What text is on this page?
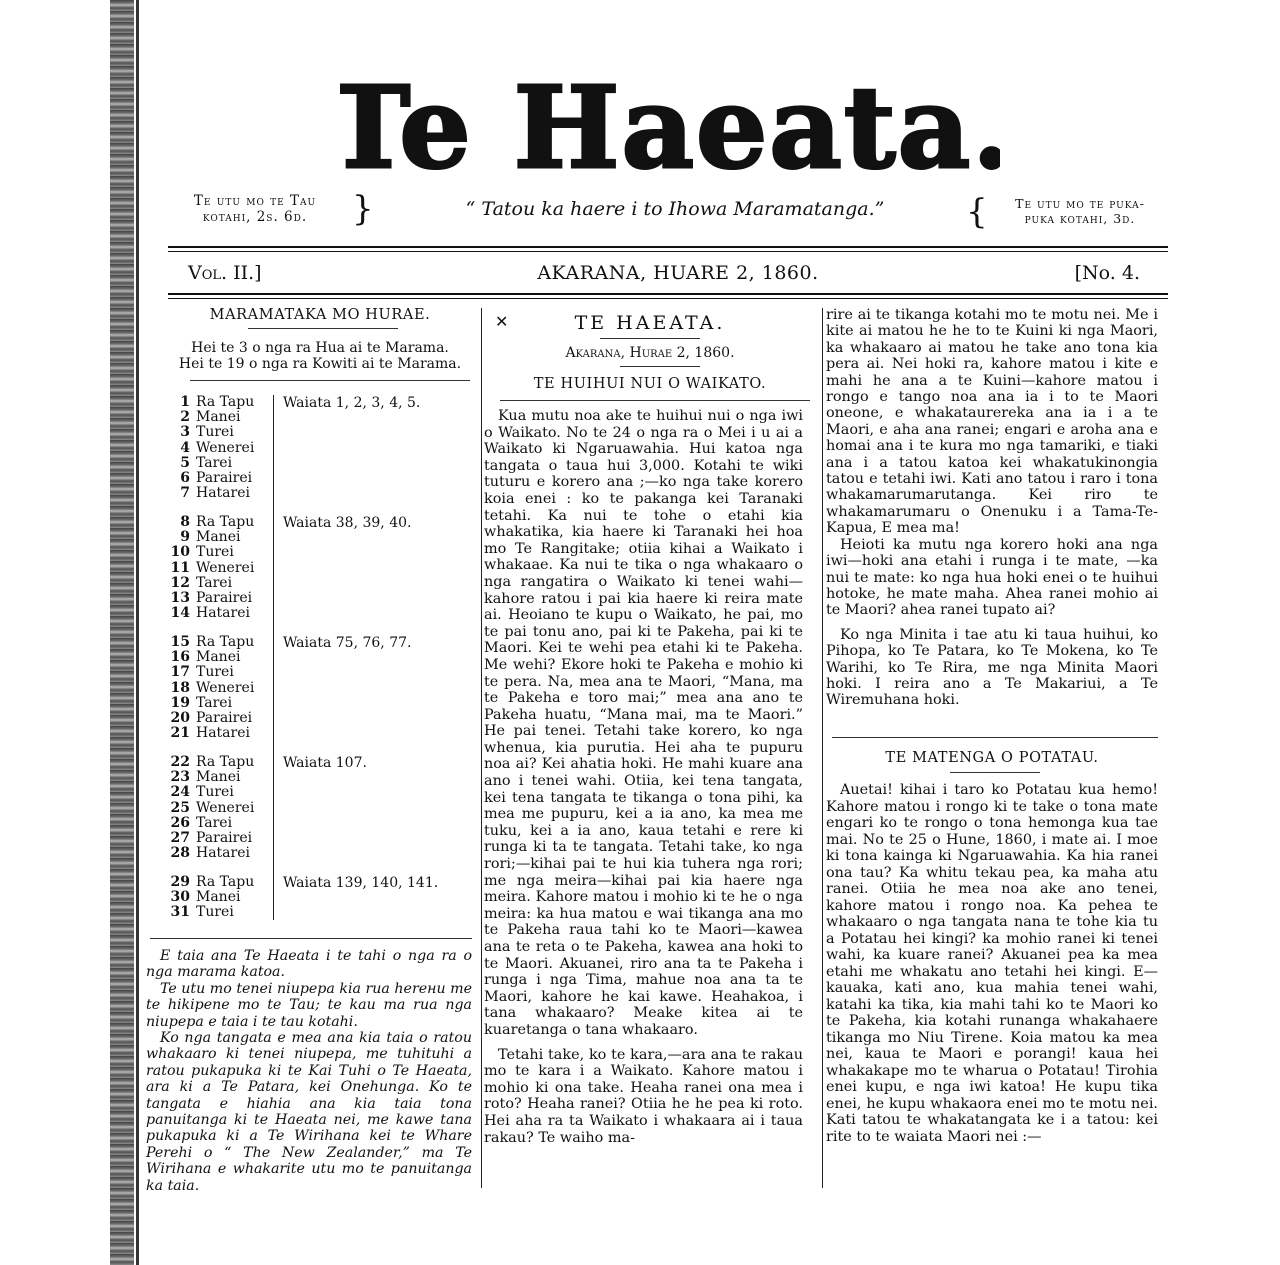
Te Haeata.
Te utu mo te Tau
kotahi, 2s. 6d.	}	“ Tatou ka haere i to Ihowa Maramatanga.”	{	Te utu mo te puka-
puka kotahi, 3d.
Vol. II.]	AKARANA, HUARE 2, 1860.	[No. 4.
MARAMATAKA MO HURAE.
Hei te 3 o nga ra Hua ai te Marama.
Hei te 19 o nga ra Kowiti ai te Marama.
1 Ra Tapu
2 Manei
3 Turei
4 Wenerei
5 Tarei
6 Parairei
7 Hatarei
Waiata 1, 2, 3, 4, 5.
8 Ra Tapu
9 Manei
10 Turei
11 Wenerei
12 Tarei
13 Parairei
14 Hatarei
Waiata 38, 39, 40.
15 Ra Tapu
16 Manei
17 Turei
18 Wenerei
19 Tarei
20 Parairei
21 Hatarei
Waiata 75, 76, 77.
22 Ra Tapu
23 Manei
24 Turei
25 Wenerei
26 Tarei
27 Parairei
28 Hatarei
Waiata 107.
29 Ra Tapu
30 Manei
31 Turei
Waiata 139, 140, 141.

E taia ana Te Haeata i te tahi o nga ra o nga marama katoa.

Te utu mo tenei niupepa kia rua herени me te hikipene mo te Tau; te kau ma rua nga niupepa e taia i te tau kotahi.

Ko nga tangata e mea ana kia taia o ratou whakaaro ki tenei niupepa, me tuhituhi a ratou pukapuka ki te Kai Tuhi o Te Haeata, ara ki a Te Patara, kei Onehunga. Ko te tangata e hiahia ana kia taia tona panuitanga ki te Haeata nei, me kawe tana pukapuka ki a Te Wirihana kei te Whare Perehi o “ The New Zealander,” ma Te Wirihana e whakarite utu mo te panuitanga ka taia.

✕	TE HAEATA.
Akarana, Hurae 2, 1860.
TE HUIHUI NUI O WAIKATO.

Kua mutu noa ake te huihui nui o nga iwi o Waikato. No te 24 o nga ra o Mei i u ai a Waikato ki Ngaruawahia. Hui katoa nga tangata o taua hui 3,000. Kotahi te wiki tuturu e korero ana ;—ko nga take korero koia enei : ko te pakanga kei Taranaki tetahi. Ka nui te tohe o etahi kia whakatika, kia haere ki Taranaki hei hoa mo Te Rangitake; otiia kihai a Waikato i whakaae. Ka nui te tika o nga whakaaro o nga rangatira o Waikato ki tenei wahi—kahore ratou i pai kia haere ki reira mate ai. Heoiano te kupu o Waikato, he pai, mo te pai tonu ano, pai ki te Pakeha, pai ki te Maori. Kei te wehi pea etahi ki te Pakeha. Me wehi? Ekore hoki te Pakeha e mohio ki te pera. Na, mea ana te Maori, “Mana, ma te Pakeha e toro mai;” mea ana ano te Pakeha huatu, “Mana mai, ma te Maori.” He pai tenei. Tetahi take korero, ko nga whenua, kia purutia. Hei aha te pupuru noa ai? Kei ahatia hoki. He mahi kuare ana ano i tenei wahi. Otiia, kei tena tangata, kei tena tangata te tikanga o tona pihi, ka mea me pupuru, kei a ia ano, ka mea me tuku, kei a ia ano, kaua tetahi e rere ki runga ki ta te tangata. Tetahi take, ko nga rori;—kihai pai te hui kia tuhera nga rori; me nga meira—kihai pai kia haere nga meira. Kahore matou i mohio ki te he o nga meira: ka hua matou e wai tikanga ana mo te Pakeha raua tahi ko te Maori—kawea ana te reta o te Pakeha, kawea ana hoki to te Maori. Akuanei, riro ana ta te Pakeha i runga i nga Tima, mahue noa ana ta te Maori, kahore he kai kawe. Heahakoa, i tana whakaaro? Meake kitea ai te kuaretanga o tana whakaaro.

Tetahi take, ko te kara,—ara ana te rakau mo te kara i a Waikato. Kahore matou i mohio ki ona take. Heaha ranei ona mea i roto? Heaha ranei? Otiia he he pea ki roto. Hei aha ra ta Waikato i whakaara ai i taua rakau? Te waiho ma-

rire ai te tikanga kotahi mo te motu nei. Me i kite ai matou he he to te Kuini ki nga Maori, ka whakaaro ai matou he take ano tona kia pera ai. Nei hoki ra, kahore matou i kite e mahi he ana a te Kuini—kahore matou i rongo e tango noa ana ia i to te Maori oneone, e whakataurereka ana ia i a te Maori, e aha ana ranei; engari e aroha ana e homai ana i te kura mo nga tamariki, e tiaki ana i a tatou katoa kei whakatukinongia tatou e tetahi iwi. Kati ano tatou i raro i tona whakamarumarutanga. Kei riro te whakamarumaru o Onenuku i a Tama-Te-Kapua, E mea ma!

Heioti ka mutu nga korero hoki ana nga iwi—hoki ana etahi i runga i te mate, —ka nui te mate: ko nga hua hoki enei o te huihui hotoke, he mate maha. Ahea ranei mohio ai te Maori? ahea ranei tupato ai?

Ko nga Minita i tae atu ki taua huihui, ko Pihopa, ko Te Patara, ko Te Mokena, ko Te Warihi, ko Te Rira, me nga Minita Maori hoki. I reira ano a Te Makariui, a Te Wiremuhana hoki.

TE MATENGA O POTATAU.

Auetai! kihai i taro ko Potatau kua hemo! Kahore matou i rongo ki te take o tona mate engari ko te rongo o tona hemonga kua tae mai. No te 25 o Hune, 1860, i mate ai. I moe ki tona kainga ki Ngaruawahia. Ka hia ranei ona tau? Ka whitu tekau pea, ka maha atu ranei. Otiia he mea noa ake ano tenei, kahore matou i rongo noa. Ka pehea te whakaaro o nga tangata nana te tohe kia tu a Potatau hei kingi? ka mohio ranei ki tenei wahi, ka kuare ranei? Akuanei pea ka mea etahi me whakatu ano tetahi hei kingi. E—kauaka, kati ano, kua mahia tenei wahi, katahi ka tika, kia mahi tahi ko te Maori ko te Pakeha, kia kotahi runanga whakahaere tikanga mo Niu Tirene. Koia matou ka mea nei, kaua te Maori e porangi! kaua hei whakakape mo te wharua o Potatau! Tirohia enei kupu, e nga iwi katoa! He kupu tika enei, he kupu whakaora enei mo te motu nei. Kati tatou te whakatangata ke i a tatou: kei rite to te waiata Maori nei :—
